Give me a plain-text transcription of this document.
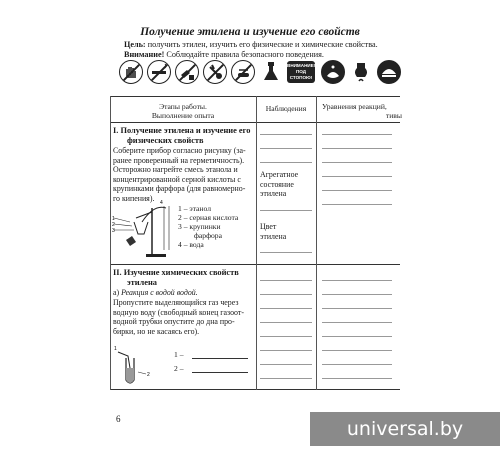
Получение этилена и изучение его свойств
Цель: получить этилен, изучить его физические и химические свойства.
Внимание! Соблюдайте правила безопасного поведения.
ВНИМАНИЕ! ПОД СТОПОЮ!
Этапы работы.
Выполнение опыта
Наблюдения	Уравнения реакций,
тивы
I. Получение этилена и изучение его
физических свойств
Соберите прибор согласно рисунку (за-
ранее проверенный на герметичность).
Осторожно нагрейте смесь этанола и
концентрированной серной кислоты с
крупинками фарфора (для равномерно-
го кипения).
1
2
3
4
1 – этанол
2 – серная кислота
3 – крупинки
фарфора
4 – вода
Агрегатное
состояние
этилена
Цвет
этилена
II. Изучение химических свойств
этилена
а) Реакция с водой водой.
Пропустите выделяющийся газ через
водную воду (свободный конец газоот-
водной трубки опустите до дна про-
бирки, но не касаясь его).
1
2
1 –
2 –
6	universal.by
